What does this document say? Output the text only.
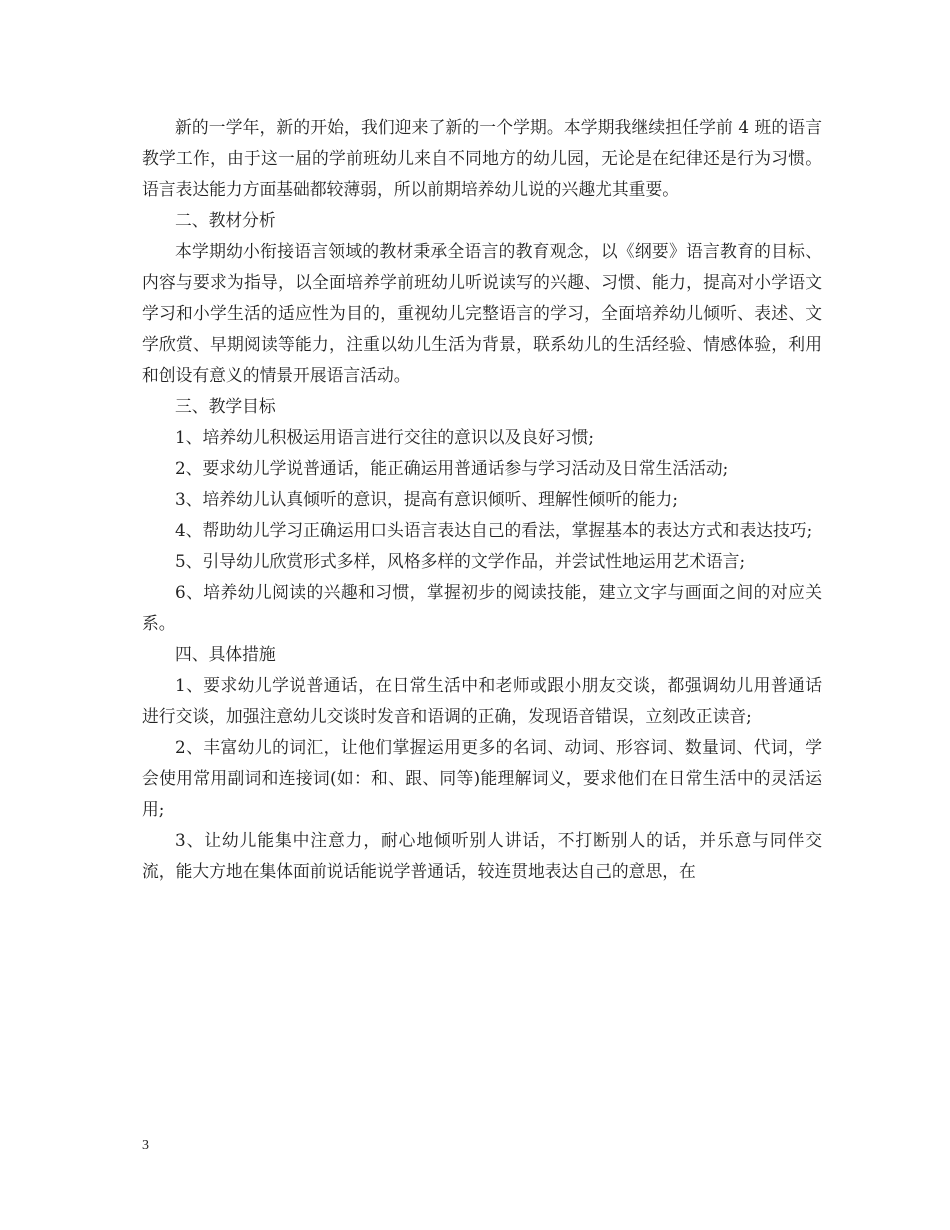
新的一学年，新的开始，我们迎来了新的一个学期。本学期我继续担任学前 4 班的语言教学工作，由于这一届的学前班幼儿来自不同地方的幼儿园，无论是在纪律还是行为习惯。语言表达能力方面基础都较薄弱，所以前期培养幼儿说的兴趣尤其重要。

二、教材分析

本学期幼小衔接语言领域的教材秉承全语言的教育观念，以《纲要》语言教育的目标、内容与要求为指导，以全面培养学前班幼儿听说读写的兴趣、习惯、能力，提高对小学语文学习和小学生活的适应性为目的，重视幼儿完整语言的学习，全面培养幼儿倾听、表述、文学欣赏、早期阅读等能力，注重以幼儿生活为背景，联系幼儿的生活经验、情感体验，利用和创设有意义的情景开展语言活动。

三、教学目标

1、培养幼儿积极运用语言进行交往的意识以及良好习惯;

2、要求幼儿学说普通话，能正确运用普通话参与学习活动及日常生活活动;

3、培养幼儿认真倾听的意识，提高有意识倾听、理解性倾听的能力;

4、帮助幼儿学习正确运用口头语言表达自己的看法，掌握基本的表达方式和表达技巧;

5、引导幼儿欣赏形式多样，风格多样的文学作品，并尝试性地运用艺术语言;

6、培养幼儿阅读的兴趣和习惯，掌握初步的阅读技能，建立文字与画面之间的对应关系。

四、具体措施

1、要求幼儿学说普通话，在日常生活中和老师或跟小朋友交谈，都强调幼儿用普通话进行交谈，加强注意幼儿交谈时发音和语调的正确，发现语音错误，立刻改正读音;

2、丰富幼儿的词汇，让他们掌握运用更多的名词、动词、形容词、数量词、代词，学会使用常用副词和连接词(如：和、跟、同等)能理解词义，要求他们在日常生活中的灵活运用;

3、让幼儿能集中注意力，耐心地倾听别人讲话，不打断别人的话，并乐意与同伴交流，能大方地在集体面前说话能说学普通话，较连贯地表达自己的意思，在

3
